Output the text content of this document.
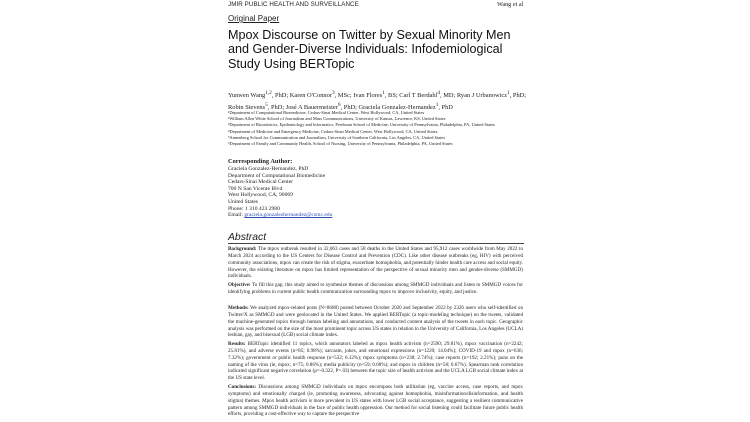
JMIR PUBLIC HEALTH AND SURVEILLANCE	Wang et al
Original Paper
Mpox Discourse on Twitter by Sexual Minority Men and Gender-Diverse Individuals: Infodemiological Study Using BERTopic
Yunwen Wang$^{1,2}$, PhD; Karen O'Connor$^3$, MSc; Ivan Flores$^1$, BS; Carl T Berdahl$^4$, MD; Ryan J Urbanowicz$^1$, PhD; Robin Stevens$^5$, PhD; José A Bauermeister$^6$, PhD; Graciela Gonzalez-Hernandez$^1$, PhD
¹Department of Computational Biomedicine, Cedars-Sinai Medical Center, West Hollywood, CA, United States
²William Allen White School of Journalism and Mass Communications, University of Kansas, Lawrence, KS, United States
³Department of Biostatistics, Epidemiology and Informatics, Perelman School of Medicine, University of Pennsylvania, Philadelphia, PA, United States
⁴Department of Medicine and Emergency Medicine, Cedars-Sinai Medical Center, West Hollywood, CA, United States
⁵Annenberg School for Communication and Journalism, University of Southern California, Los Angeles, CA, United States
⁶Department of Family and Community Health, School of Nursing, University of Pennsylvania, Philadelphia, PA, United States
Corresponding Author:
Graciela Gonzalez-Hernandez, PhD
Department of Computational Biomedicine
Cedars-Sinai Medical Center
700 N San Vicente Blvd
West Hollywood, CA, 90069
United States
Phone: 1 310 423 2980
Email: graciela.gonzalezhernandez@csmc.edu
Abstract
Background: The mpox outbreak resulted in 32,063 cases and 58 deaths in the United States and 95,912 cases worldwide from May 2022 to March 2024 according to the US Centers for Disease Control and Prevention (CDC). Like other disease outbreaks (eg, HIV) with perceived community associations, mpox can create the risk of stigma, exacerbate homophobia, and potentially hinder health care access and social equity. However, the existing literature on mpox has limited representation of the perspective of sexual minority men and gender-diverse (SMMGD) individuals.
Objective: To fill this gap, this study aimed to synthesize themes of discussions among SMMGD individuals and listen to SMMGD voices for identifying problems in current public health communication surrounding mpox to improve inclusivity, equity, and justice.
Methods: We analyzed mpox-related posts (N=8688) posted between October 2020 and September 2022 by 2326 users who self-identified on Twitter/X as SMMGD and were geolocated in the United States. We applied BERTopic (a topic-modeling technique) on the tweets, validated the machine-generated topics through human labeling and annotations, and conducted content analysis of the tweets in each topic. Geographic analysis was performed on the size of the most prominent topic across US states in relation to the University of California, Los Angeles (UCLA) lesbian, gay, and bisexual (LGB) social climate index.
Results: BERTopic identified 11 topics, which annotators labeled as mpox health activism (n=2590; 29.81%), mpox vaccination (n=2242; 25.81%), and adverse events (n=85; 0.98%); sarcasm, jokes, and emotional expressions (n=1220; 14.04%); COVID-19 and mpox (n=636; 7.32%); government or public health response (n=532; 6.12%); mpox symptoms (n=238; 2.74%); case reports (n=192; 2.21%); puns on the naming of the virus (ie, mpox; n=75; 0.86%); media publicity (n=59; 0.68%); and mpox in children (n=58; 0.67%). Spearman rank correlation indicated significant negative correlation (ρ=-0.322, P=.03) between the topic size of health activism and the UCLA LGB social climate index at the US state level.
Conclusions: Discussions among SMMGD individuals on mpox encompass both utilitarian (eg, vaccine access, case reports, and mpox symptoms) and emotionally charged (ie, promoting awareness, advocating against homophobia, misinformation/disinformation, and health stigma) themes. Mpox health activism is more prevalent in US states with lower LGB social acceptance, suggesting a resilient communicative pattern among SMMGD individuals in the face of public health oppression. Our method for social listening could facilitate future public health efforts, providing a cost-effective way to capture the perspective
